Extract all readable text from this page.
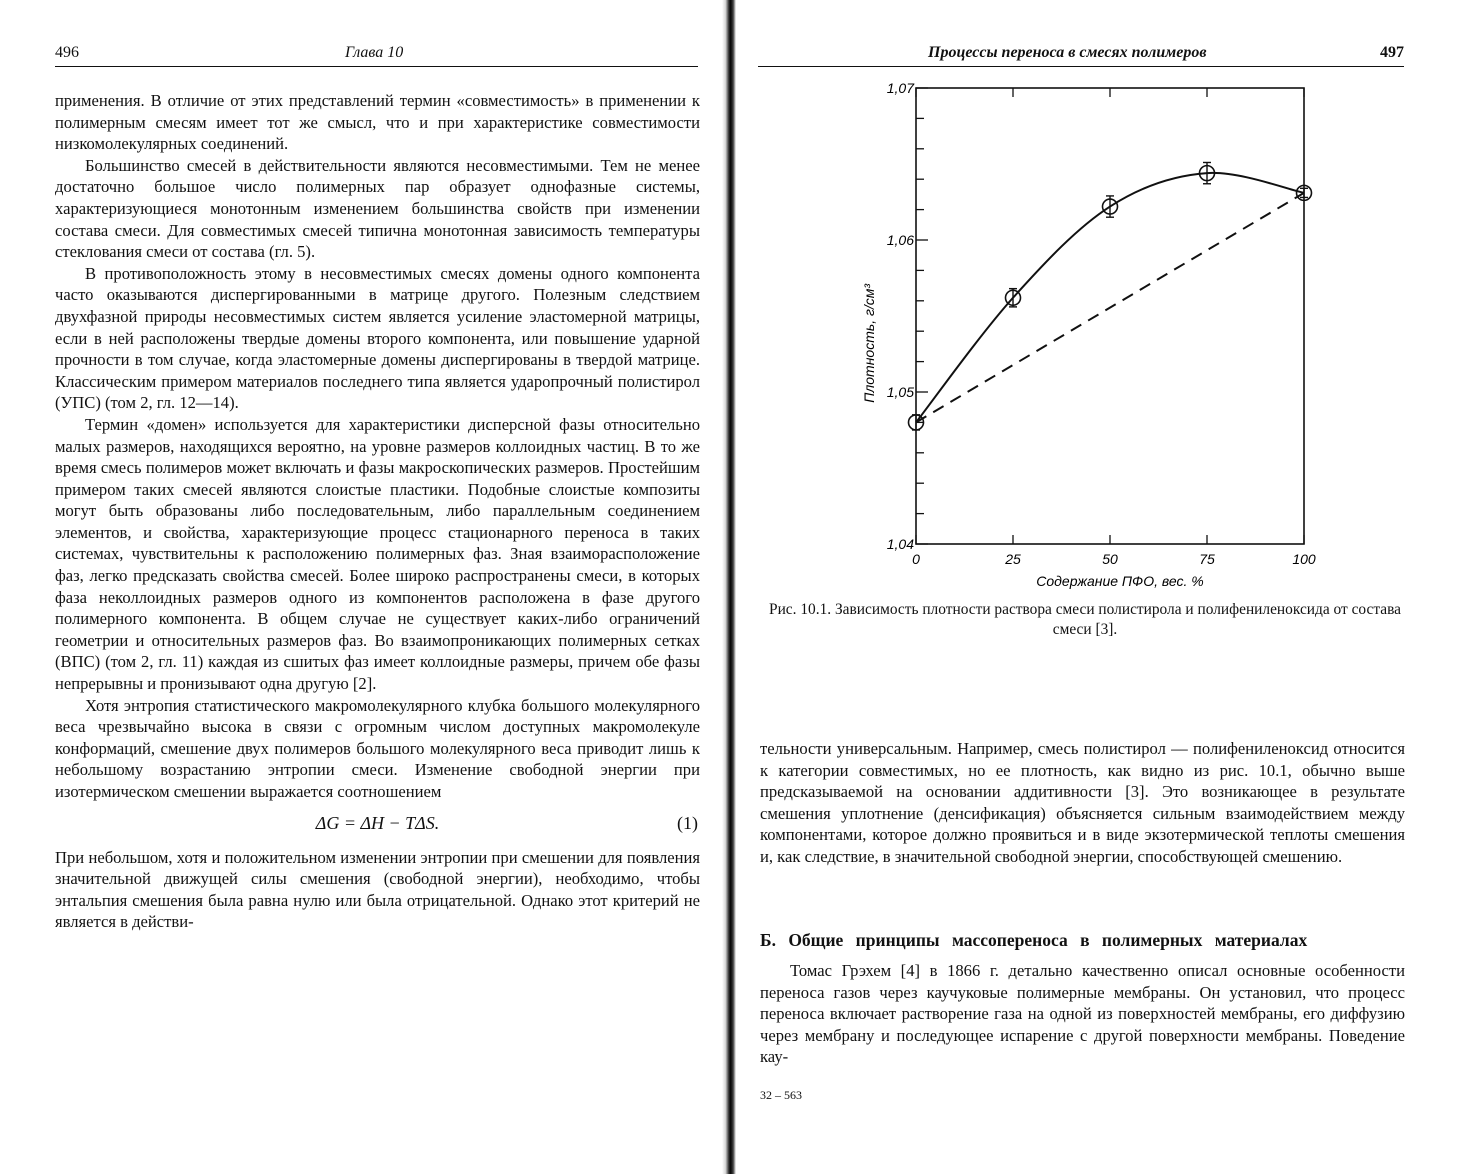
496	Глава 10

применения. В отличие от этих представлений термин «совместимость» в применении к полимерным смесям имеет тот же смысл, что и при характеристике совместимости низкомолекулярных соединений.

Большинство смесей в действительности являются несовместимыми. Тем не менее достаточно большое число полимерных пар образует однофазные системы, характеризующиеся монотонным изменением большинства свойств при изменении состава смеси. Для совместимых смесей типична монотонная зависимость температуры стеклования смеси от состава (гл. 5).

В противоположность этому в несовместимых смесях домены одного компонента часто оказываются диспергированными в матрице другого. Полезным следствием двухфазной природы несовместимых систем является усиление эластомерной матрицы, если в ней расположены твердые домены второго компонента, или повышение ударной прочности в том случае, когда эластомерные домены диспергированы в твердой матрице. Классическим примером материалов последнего типа является ударопрочный полистирол (УПС) (том 2, гл. 12—14).

Термин «домен» используется для характеристики дисперсной фазы относительно малых размеров, находящихся вероятно, на уровне размеров коллоидных частиц. В то же время смесь полимеров может включать и фазы макроскопических размеров. Простейшим примером таких смесей являются слоистые пластики. Подобные слоистые композиты могут быть образованы либо последовательным, либо параллельным соединением элементов, и свойства, характеризующие процесс стационарного переноса в таких системах, чувствительны к расположению полимерных фаз. Зная взаиморасположение фаз, легко предсказать свойства смесей. Более широко распространены смеси, в которых фаза неколлоидных размеров одного из компонентов расположена в фазе другого полимерного компонента. В общем случае не существует каких-либо ограничений геометрии и относительных размеров фаз. Во взаимопроникающих полимерных сетках (ВПС) (том 2, гл. 11) каждая из сшитых фаз имеет коллоидные размеры, причем обе фазы непрерывны и пронизывают одна другую [2].

Хотя энтропия статистического макромолекулярного клубка большого молекулярного веса чрезвычайно высока в связи с огромным числом доступных макромолекуле конформаций, смешение двух полимеров большого молекулярного веса приводит лишь к небольшому возрастанию энтропии смеси. Изменение свободной энергии при изотермическом смешении выражается соотношением

ΔG = ΔH − TΔS.	(1)

При небольшом, хотя и положительном изменении энтропии при смешении для появления значительной движущей силы смешения (свободной энергии), необходимо, чтобы энтальпия смешения была равна нулю или была отрицательной. Однако этот критерий не является в действи-

Процессы переноса в смесях полимеров	497
0	25	50	75	100
1,04
1,05
1,06
1,07
Содержание ПФО, вес. %
Плотность, г/см³
Рис. 10.1. Зависимость плотности раствора смеси полистирола и полифениленоксида от состава смеси [3].

тельности универсальным. Например, смесь полистирол — полифениленоксид относится к категории совместимых, но ее плотность, как видно из рис. 10.1, обычно выше предсказываемой на основании аддитивности [3]. Это возникающее в результате смешения уплотнение (денсификация) объясняется сильным взаимодействием между компонентами, которое должно проявиться и в виде экзотермической теплоты смешения и, как следствие, в значительной свободной энергии, способствующей смешению.

Б. Общие принципы массопереноса в полимерных материалах

Томас Грэхем [4] в 1866 г. детально качественно описал основные особенности переноса газов через каучуковые полимерные мембраны. Он установил, что процесс переноса включает растворение газа на одной из поверхностей мембраны, его диффузию через мембрану и последующее испарение с другой поверхности мембраны. Поведение кау-

32 – 563
